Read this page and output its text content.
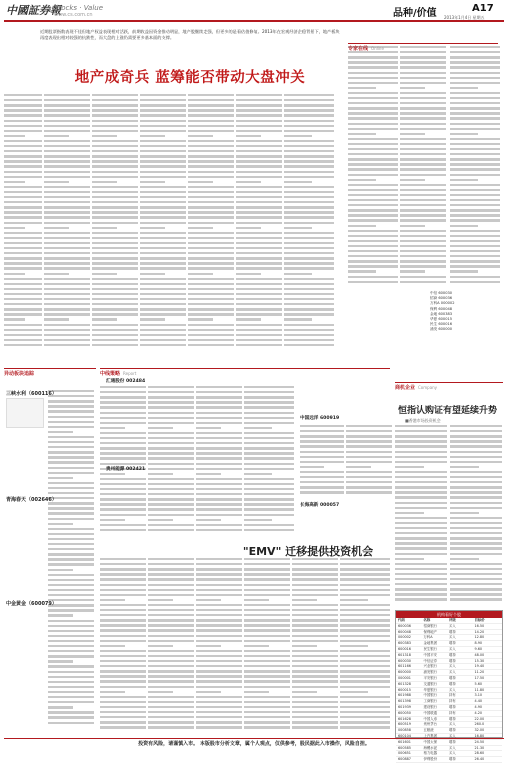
中國証券報
Stocks · Value
www.cs.com.cn	品种/价值	A17
2013年1月4日 星期五
近期股票指数表现不佳但地产权益表现相对活跃，前期收益因资金推动明显，地产股继续走强，但更多的是看估值修复。2013年在宏观经济企稳背景下，地产板块再度表现出相对较强的抗跌性，而大盘的上涨仍需要更多基本面的支撑。
地产成奇兵 蓝筹能否带动大盘冲关
专家在线 Online
中信 600030
招商 600036
万科A 000002
保利 600048
金地 600383
华夏 600015
民生 600016
浦发 600000
异动板块追踪	中线策略 Report
商机企业 Company
三峡水利（600116）
青海春天（002646）
中金黄金（600079）
汇通股份 002484
贵州能源 002421
中国远洋 600919
长海高新 000057
"EMV" 迁移提供投资机会
恒指认购证有望延续升势
■香港市场投资机会
机构看好个股
代码	名称	评级	目标价
600036	招商银行	买入	16.50
600048	保利地产	增持	14.20
000002	万科A	买入	12.80
600383	金地集团	增持	8.90
600016	民生银行	买入	9.60
601318	中国平安	增持	48.00
600030	中信证券	增持	15.30
601166	兴业银行	买入	19.40
600000	浦发银行	买入	11.20
000001	平安银行	增持	17.50
601328	交通银行	增持	5.60
600015	华夏银行	买入	11.80
601988	中国银行	持有	3.10
601398	工商银行	持有	4.40
601939	建设银行	增持	4.90
600050	中国联通	持有	4.20
601628	中国人寿	增持	22.00
600519	贵州茅台	买入	260.0
000858	五粮液	增持	32.00
600104	上汽集团	买入	16.80
601601	中国太保	增持	24.50
600585	海螺水泥	买入	21.30
000651	格力电器	买入	28.60
600887	伊利股份	增持	26.40
投资有风险，请谨慎入市。 本版股市分析文章，属个人观点，仅供参考，股民据此入市操作，风险自担。
